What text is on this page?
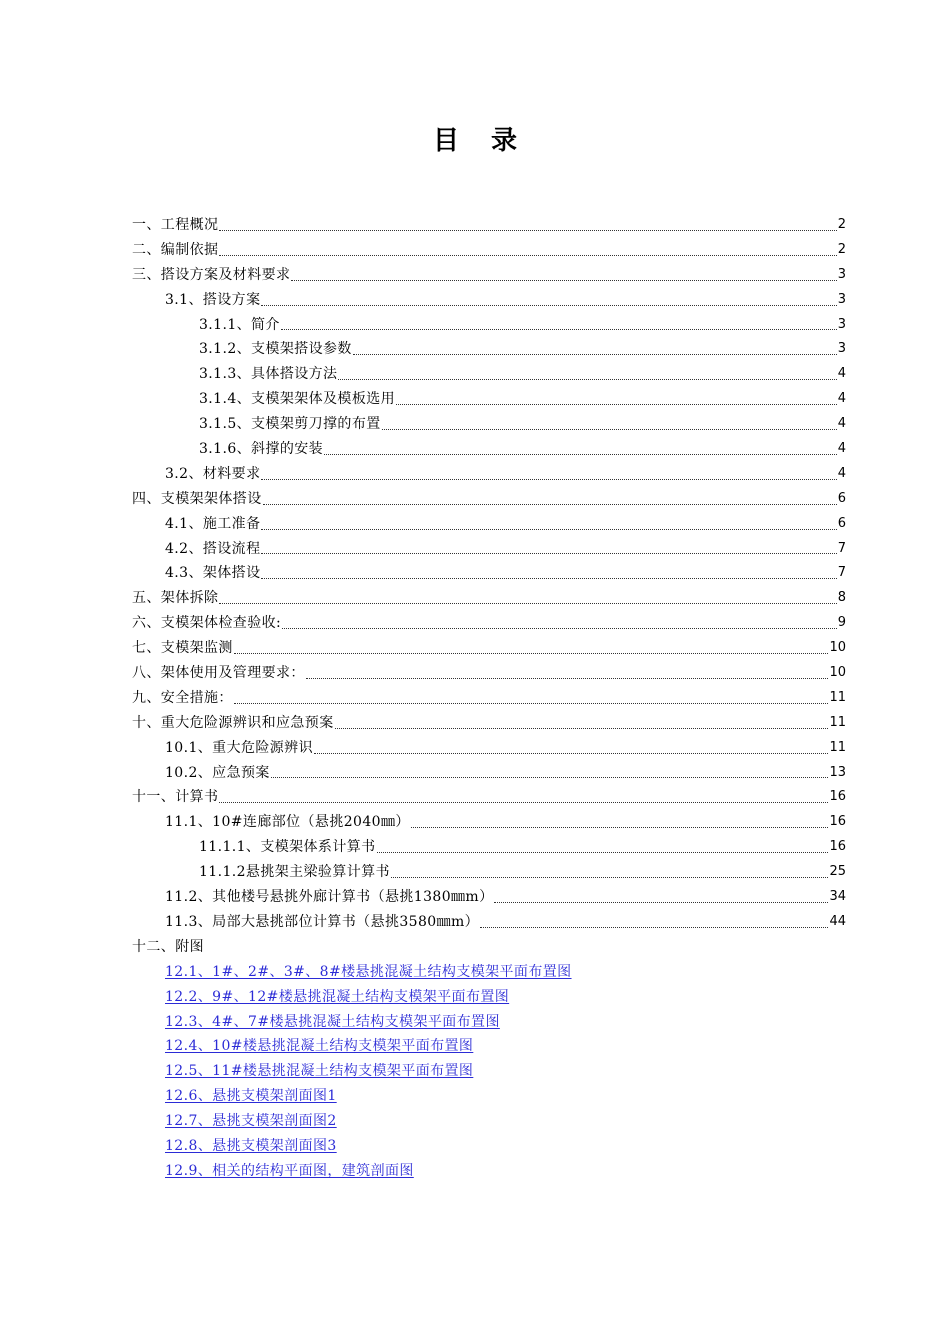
目 录
一、工程概况	2
二、编制依据	2
三、搭设方案及材料要求	3
3.1、搭设方案	3
3.1.1、简介	3
3.1.2、支模架搭设参数	3
3.1.3、具体搭设方法	4
3.1.4、支模架架体及模板选用	4
3.1.5、支模架剪刀撑的布置	4
3.1.6、斜撑的安装	4
3.2、材料要求	4
四、支模架架体搭设	6
4.1、施工准备	6
4.2、搭设流程	7
4.3、架体搭设	7
五、架体拆除	8
六、支模架体检查验收:	9
七、支模架监测	10
八、架体使用及管理要求：	10
九、安全措施：	11
十、重大危险源辨识和应急预案	11
10.1、重大危险源辨识	11
10.2、应急预案	13
十一、计算书	16
11.1、10#连廊部位（悬挑2040㎜）	16
11.1.1、支模架体系计算书	16
11.1.2悬挑架主梁验算计算书	25
11.2、其他楼号悬挑外廊计算书（悬挑1380㎜m）	34
11.3、局部大悬挑部位计算书（悬挑3580㎜m）	44
十二、附图
12.1、1#、2#、3#、8#楼悬挑混凝土结构支模架平面布置图
12.2、9#、12#楼悬挑混凝土结构支模架平面布置图
12.3、4#、7#楼悬挑混凝土结构支模架平面布置图
12.4、10#楼悬挑混凝土结构支模架平面布置图
12.5、11#楼悬挑混凝土结构支模架平面布置图
12.6、悬挑支模架剖面图1
12.7、悬挑支模架剖面图2
12.8、悬挑支模架剖面图3
12.9、相关的结构平面图，建筑剖面图
